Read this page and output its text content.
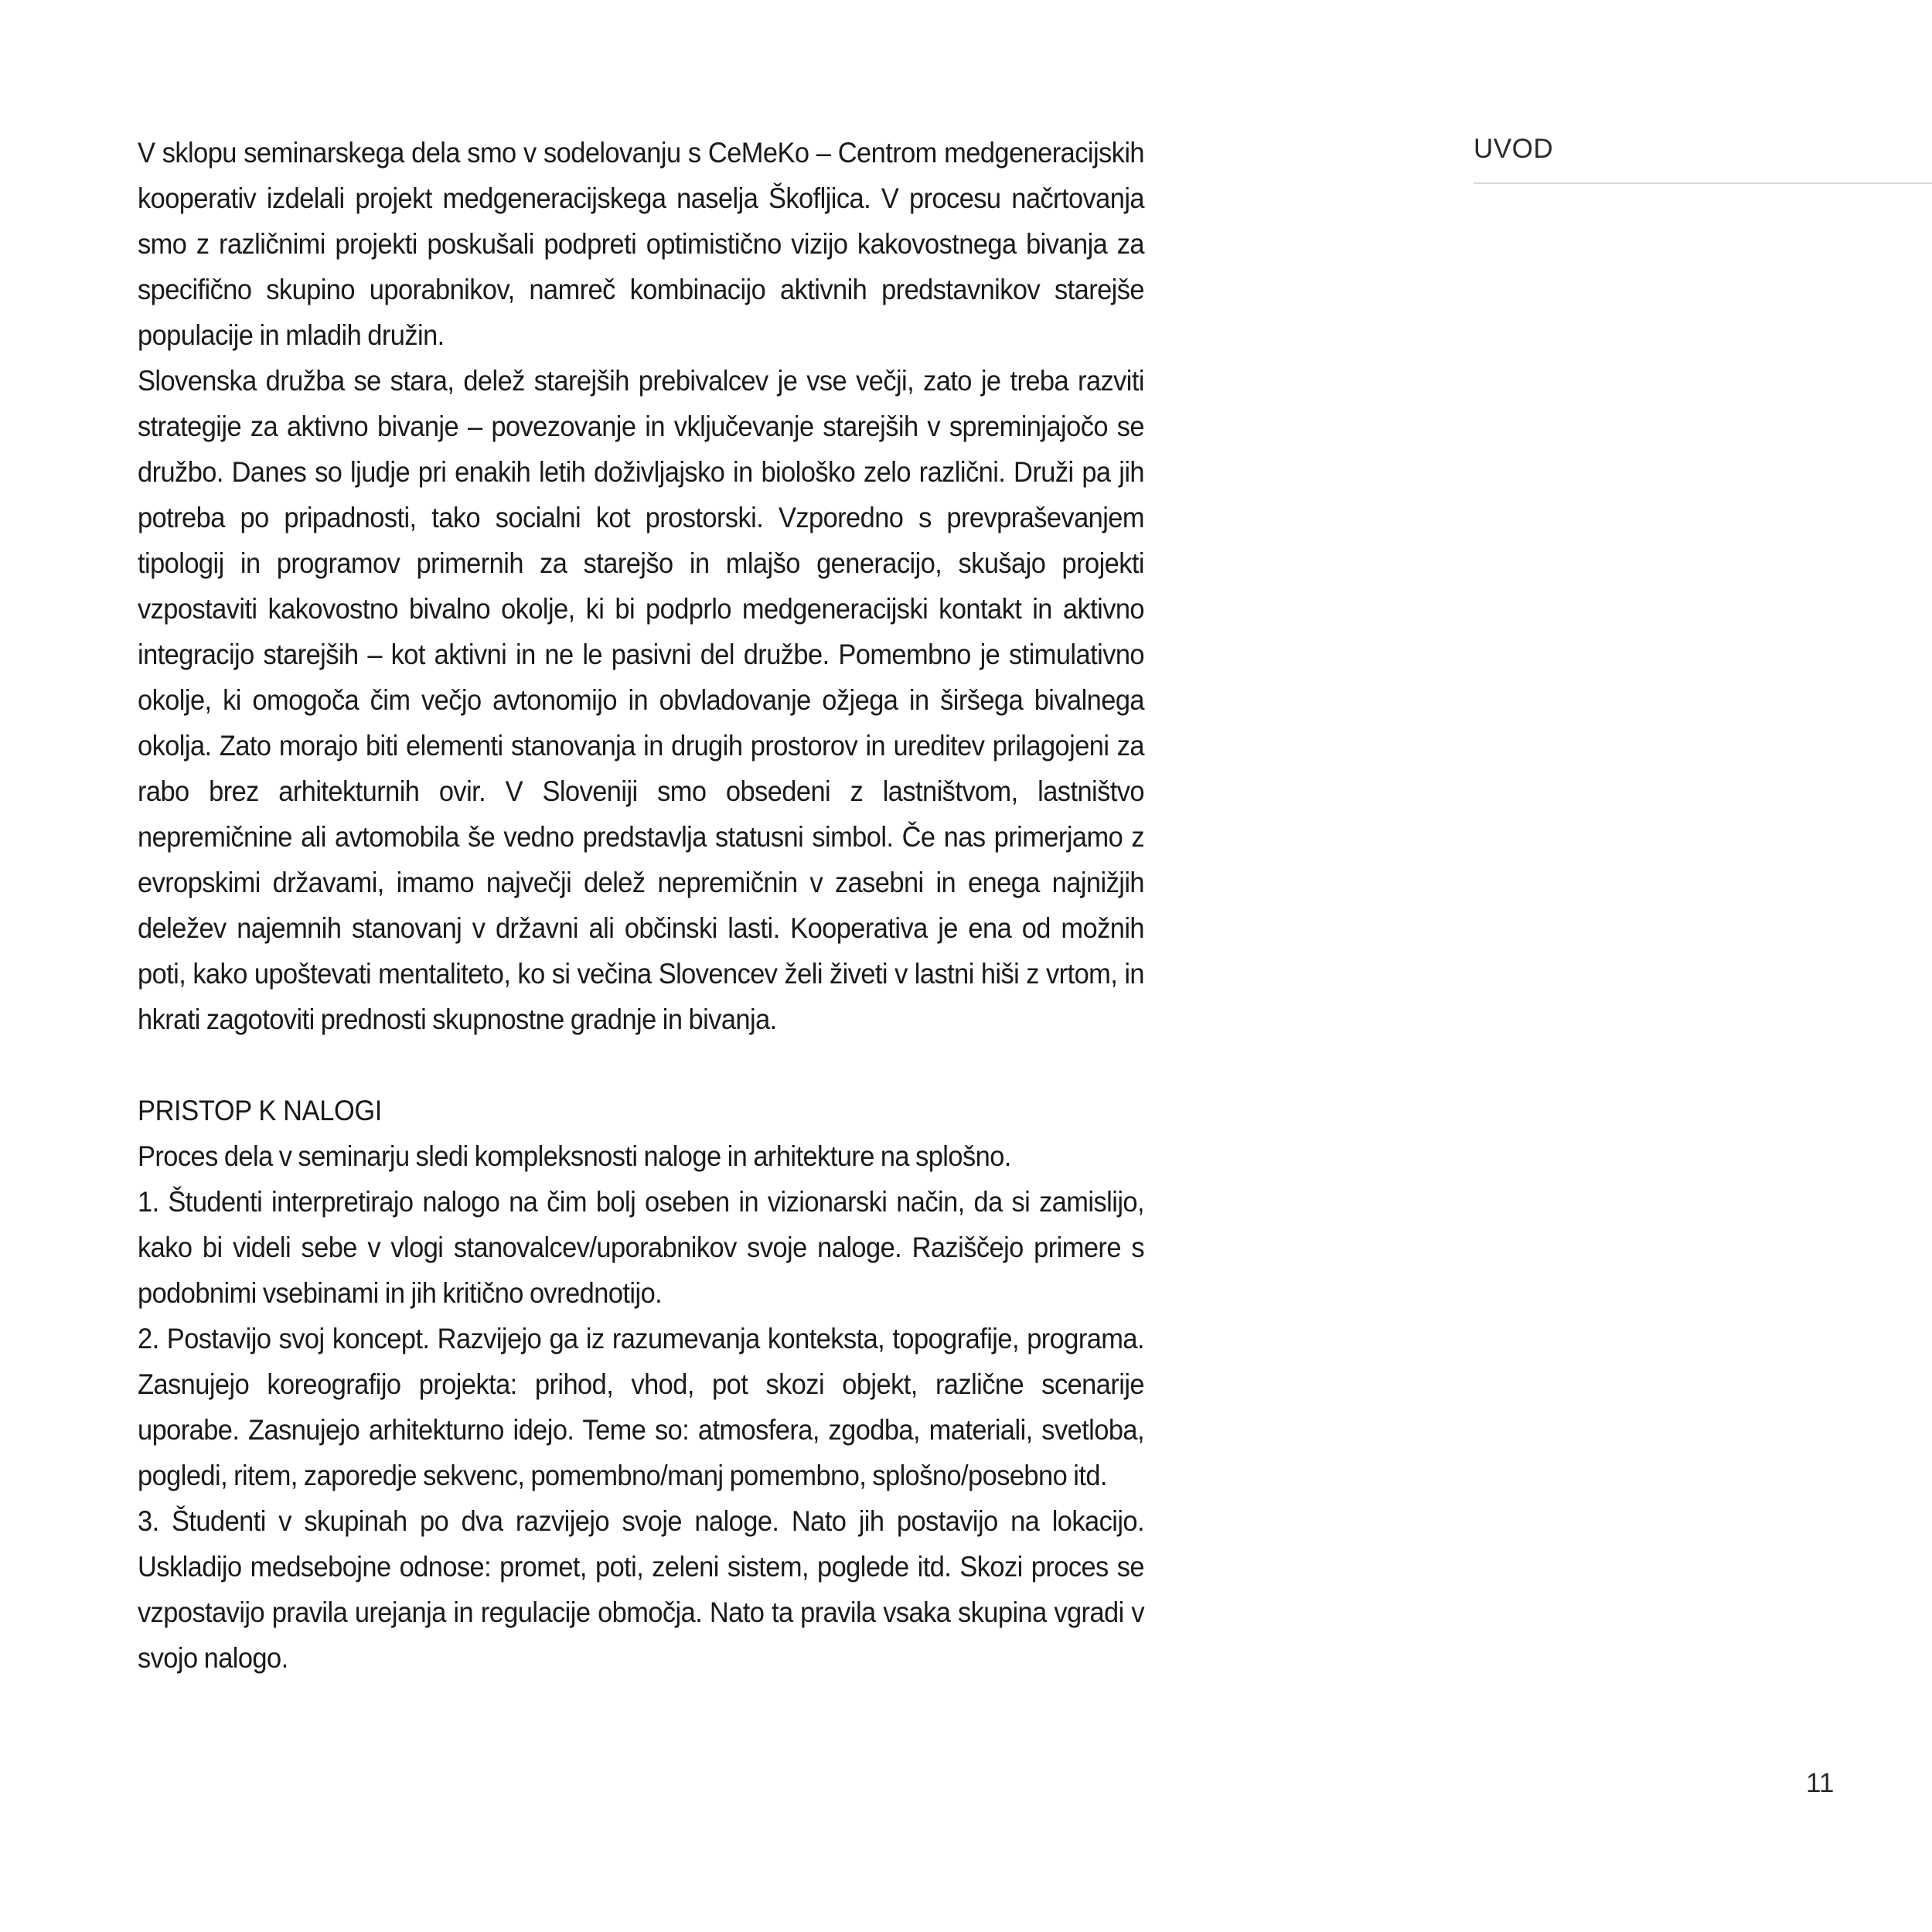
V sklopu seminarskega dela smo v sodelovanju s CeMeKo – Centrom medgeneracijskih kooperativ izdelali projekt medgeneracijskega naselja Škofljica. V procesu načrtovanja smo z različnimi projekti poskušali podpreti optimistično vizijo kakovostnega bivanja za specifično skupino uporabnikov, namreč kombinacijo aktivnih predstavnikov starejše populacije in mladih družin.

Slovenska družba se stara, delež starejših prebivalcev je vse večji, zato je treba razviti strategije za aktivno bivanje – povezovanje in vključevanje starejših v spreminjajočo se družbo. Danes so ljudje pri enakih letih doživljajsko in biološko zelo različni. Druži pa jih potreba po pripadnosti, tako socialni kot prostorski. Vzporedno s prevpraševanjem tipologij in programov primernih za starejšo in mlajšo generacijo, skušajo projekti vzpostaviti kakovostno bivalno okolje, ki bi podprlo medgeneracijski kontakt in aktivno integracijo starejših – kot aktivni in ne le pasivni del družbe. Pomembno je stimulativno okolje, ki omogoča čim večjo avtonomijo in obvladovanje ožjega in širšega bivalnega okolja. Zato morajo biti elementi stanovanja in drugih prostorov in ureditev prilagojeni za rabo brez arhitekturnih ovir. V Sloveniji smo obsedeni z lastništvom, lastništvo nepremičnine ali avtomobila še vedno predstavlja statusni simbol. Če nas primerjamo z evropskimi državami, imamo največji delež nepremičnin v zasebni in enega najnižjih deležev najemnih stanovanj v državni ali občinski lasti. Kooperativa je ena od možnih poti, kako upoštevati mentaliteto, ko si večina Slovencev želi živeti v lastni hiši z vrtom, in hkrati zagotoviti prednosti skupnostne gradnje in bivanja.

PRISTOP K NALOGI

Proces dela v seminarju sledi kompleksnosti naloge in arhitekture na splošno.

1. Študenti interpretirajo nalogo na čim bolj oseben in vizionarski način, da si zamislijo, kako bi videli sebe v vlogi stanovalcev/uporabnikov svoje naloge. Raziščejo primere s podobnimi vsebinami in jih kritično ovrednotijo.

2. Postavijo svoj koncept. Razvijejo ga iz razumevanja konteksta, topografije, programa. Zasnujejo koreografijo projekta: prihod, vhod, pot skozi objekt, različne scenarije uporabe. Zasnujejo arhitekturno idejo. Teme so: atmosfera, zgodba, materiali, svetloba, pogledi, ritem, zaporedje sekvenc, pomembno/manj pomembno, splošno/posebno itd.

3. Študenti v skupinah po dva razvijejo svoje naloge. Nato jih postavijo na lokacijo. Uskladijo medsebojne odnose: promet, poti, zeleni sistem, poglede itd. Skozi proces se vzpostavijo pravila urejanja in regulacije območja. Nato ta pravila vsaka skupina vgradi v svojo nalogo.

UVOD
11
